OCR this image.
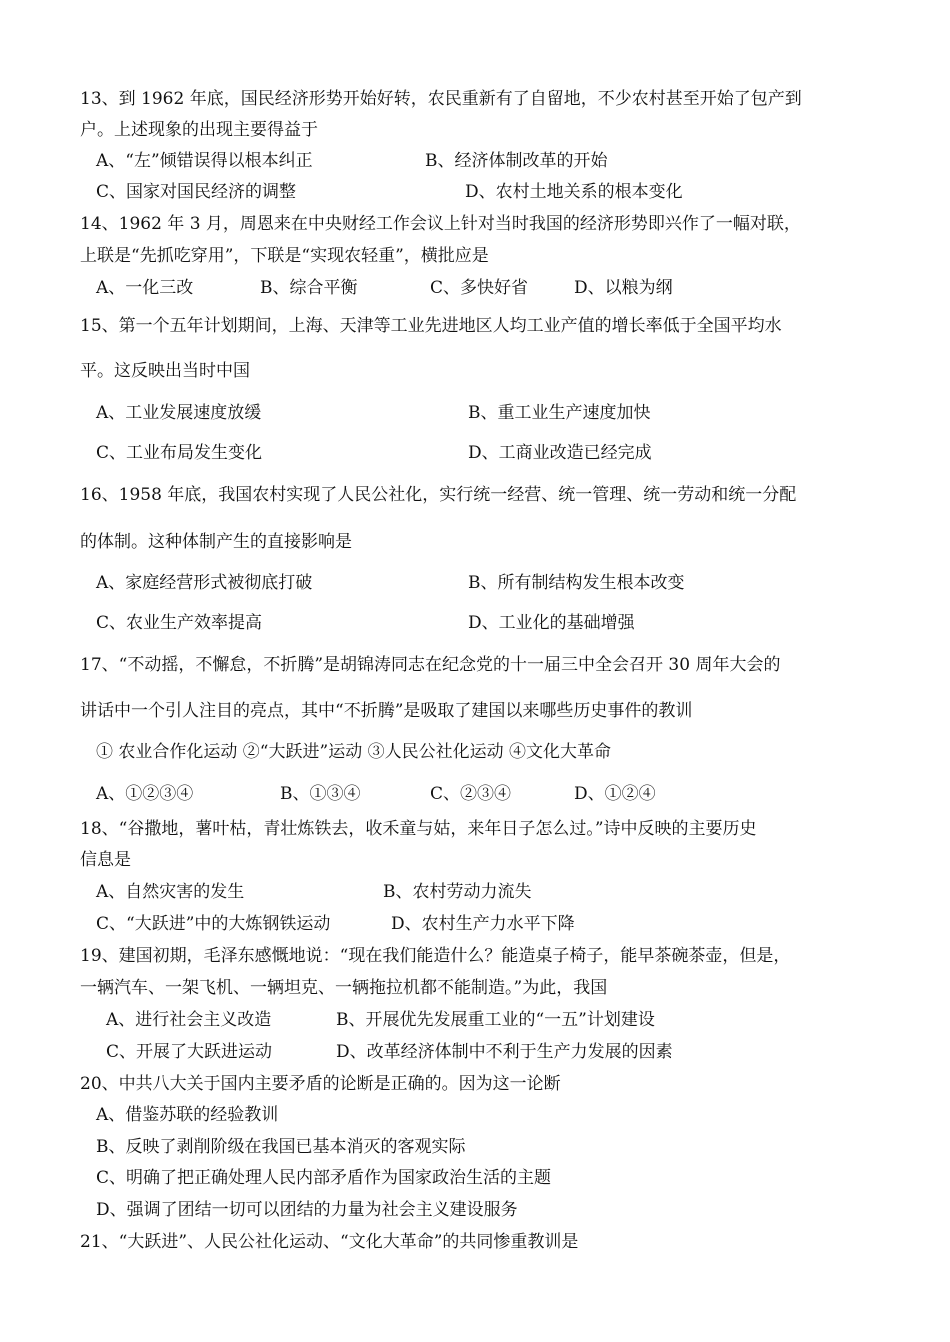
13、到 1962 年底，国民经济形势开始好转，农民重新有了自留地，不少农村甚至开始了包产到
户。上述现象的出现主要得益于
A、“左”倾错误得以根本纠正	B、经济体制改革的开始
C、国家对国民经济的调整	D、农村土地关系的根本变化
14、1962 年 3 月，周恩来在中央财经工作会议上针对当时我国的经济形势即兴作了一幅对联，
上联是“先抓吃穿用”，下联是“实现农轻重”，横批应是
A、一化三改	B、综合平衡	C、多快好省	D、以粮为纲
15、第一个五年计划期间，上海、天津等工业先进地区人均工业产值的增长率低于全国平均水
平。这反映出当时中国
A、工业发展速度放缓	B、重工业生产速度加快
C、工业布局发生变化	D、工商业改造已经完成
16、1958 年底，我国农村实现了人民公社化，实行统一经营、统一管理、统一劳动和统一分配
的体制。这种体制产生的直接影响是
A、家庭经营形式被彻底打破	B、所有制结构发生根本改变
C、农业生产效率提高	D、工业化的基础增强
17、“不动摇，不懈怠，不折腾”是胡锦涛同志在纪念党的十一届三中全会召开 30 周年大会的
讲话中一个引人注目的亮点，其中“不折腾”是吸取了建国以来哪些历史事件的教训
① 农业合作化运动 ②“大跃进”运动 ③人民公社化运动 ④文化大革命
A、①②③④	B、①③④	C、②③④	D、①②④
18、“谷撒地，薯叶枯，青壮炼铁去，收禾童与姑，来年日子怎么过。”诗中反映的主要历史
信息是
A、自然灾害的发生	B、农村劳动力流失
C、“大跃进”中的大炼钢铁运动	D、农村生产力水平下降
19、建国初期，毛泽东感慨地说：“现在我们能造什么？能造桌子椅子，能早茶碗茶壶，但是，
一辆汽车、一架飞机、一辆坦克、一辆拖拉机都不能制造。”为此，我国
A、进行社会主义改造	B、开展优先发展重工业的“一五”计划建设
C、开展了大跃进运动	D、改革经济体制中不利于生产力发展的因素
20、中共八大关于国内主要矛盾的论断是正确的。因为这一论断
A、借鉴苏联的经验教训
B、反映了剥削阶级在我国已基本消灭的客观实际
C、明确了把正确处理人民内部矛盾作为国家政治生活的主题
D、强调了团结一切可以团结的力量为社会主义建设服务
21、“大跃进”、人民公社化运动、“文化大革命”的共同惨重教训是
